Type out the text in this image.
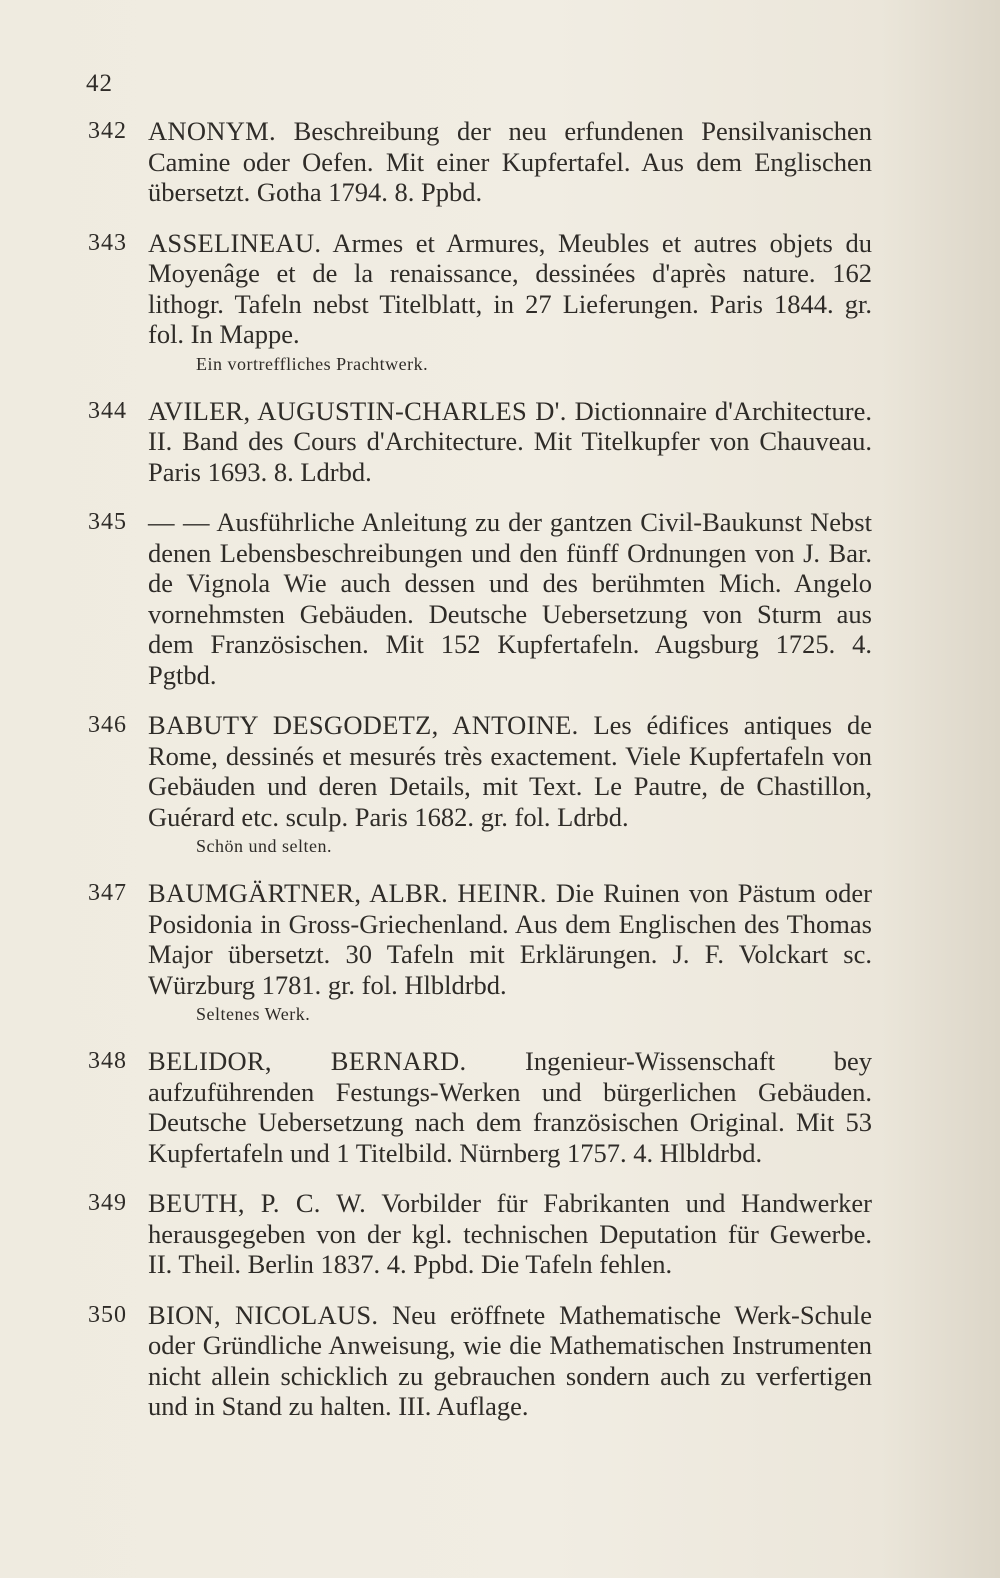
42
342 ANONYM. Beschreibung der neu erfundenen Pensilvanischen Camine oder Oefen. Mit einer Kupfertafel. Aus dem Englischen übersetzt. Gotha 1794. 8. Ppbd.

343 ASSELINEAU. Armes et Armures, Meubles et autres objets du Moyenâge et de la renaissance, dessinées d'après nature. 162 lithogr. Tafeln nebst Titelblatt, in 27 Lieferungen. Paris 1844. gr. fol. In Mappe.

Ein vortreffliches Prachtwerk.
344 AVILER, AUGUSTIN-CHARLES D'. Dictionnaire d'Architecture. II. Band des Cours d'Architecture. Mit Titelkupfer von Chauveau. Paris 1693. 8. Ldrbd.

345 — — Ausführliche Anleitung zu der gantzen Civil-Baukunst Nebst denen Lebensbeschreibungen und den fünff Ordnungen von J. Bar. de Vignola Wie auch dessen und des berühmten Mich. Angelo vornehmsten Gebäuden. Deutsche Uebersetzung von Sturm aus dem Französischen. Mit 152 Kupfertafeln. Augsburg 1725. 4. Pgtbd.

346 BABUTY DESGODETZ, ANTOINE. Les édifices antiques de Rome, dessinés et mesurés très exactement. Viele Kupfertafeln von Gebäuden und deren Details, mit Text. Le Pautre, de Chastillon, Guérard etc. sculp. Paris 1682. gr. fol. Ldrbd.

Schön und selten.
347 BAUMGÄRTNER, ALBR. HEINR. Die Ruinen von Pästum oder Posidonia in Gross-Griechenland. Aus dem Englischen des Thomas Major übersetzt. 30 Tafeln mit Erklärungen. J. F. Volckart sc. Würzburg 1781. gr. fol. Hlbldrbd.

Seltenes Werk.
348 BELIDOR, BERNARD. Ingenieur-Wissenschaft bey aufzuführenden Festungs-Werken und bürgerlichen Gebäuden. Deutsche Uebersetzung nach dem französischen Original. Mit 53 Kupfertafeln und 1 Titelbild. Nürnberg 1757. 4. Hlbldrbd.

349 BEUTH, P. C. W. Vorbilder für Fabrikanten und Handwerker herausgegeben von der kgl. technischen Deputation für Gewerbe. II. Theil. Berlin 1837. 4. Ppbd. Die Tafeln fehlen.

350 BION, NICOLAUS. Neu eröffnete Mathematische Werk-Schule oder Gründliche Anweisung, wie die Mathematischen Instrumenten nicht allein schicklich zu gebrauchen sondern auch zu verfertigen und in Stand zu halten. III. Auflage.
